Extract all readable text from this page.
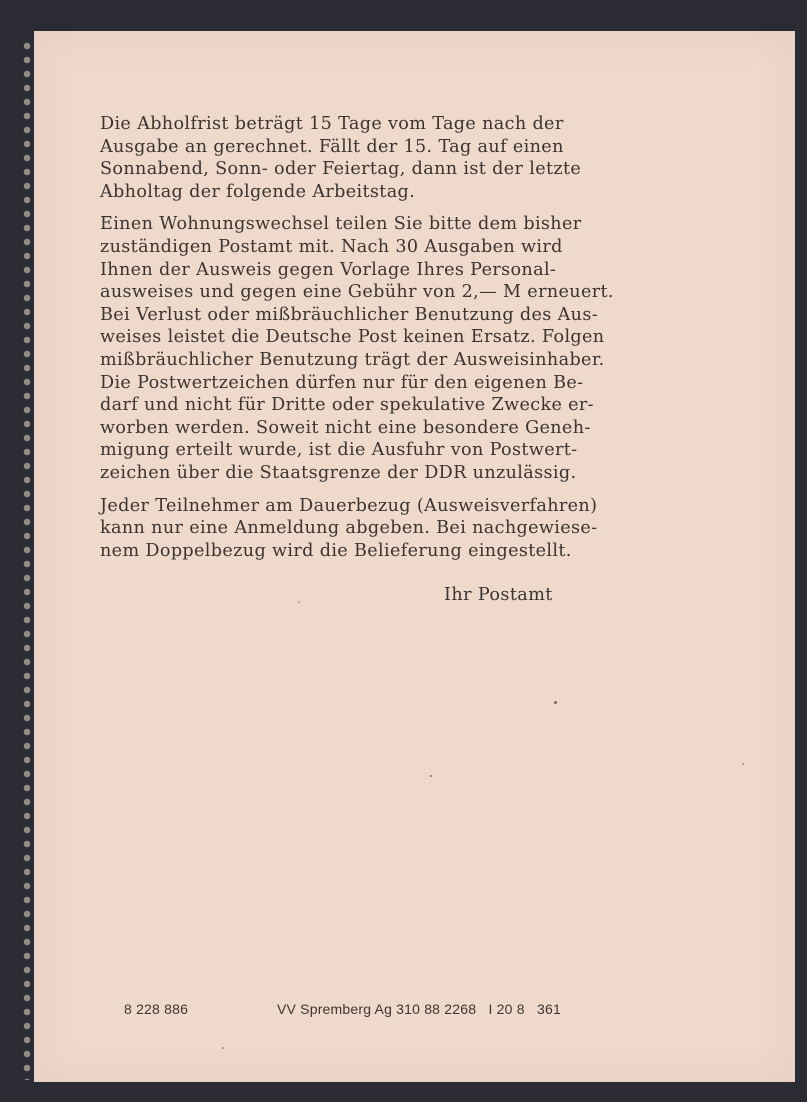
Die Abholfrist beträgt 15 Tage vom Tage nach der
Ausgabe an gerechnet. Fällt der 15. Tag auf einen
Sonnabend, Sonn- oder Feiertag, dann ist der letzte
Abholtag der folgende Arbeitstag.

Einen Wohnungswechsel teilen Sie bitte dem bisher
zuständigen Postamt mit. Nach 30 Ausgaben wird
Ihnen der Ausweis gegen Vorlage Ihres Personal-
ausweises und gegen eine Gebühr von 2,— M erneuert.
Bei Verlust oder mißbräuchlicher Benutzung des Aus-
weises leistet die Deutsche Post keinen Ersatz. Folgen
mißbräuchlicher Benutzung trägt der Ausweisinhaber.
Die Postwertzeichen dürfen nur für den eigenen Be-
darf und nicht für Dritte oder spekulative Zwecke er-
worben werden. Soweit nicht eine besondere Geneh-
migung erteilt wurde, ist die Ausfuhr von Postwert-
zeichen über die Staatsgrenze der DDR unzulässig.

Jeder Teilnehmer am Dauerbezug (Ausweisverfahren)
kann nur eine Anmeldung abgeben. Bei nachgewiese-
nem Doppelbezug wird die Belieferung eingestellt.

Ihr Postamt
8 228 886	VV Spremberg Ag 310 88 2268   I 20 8   361
